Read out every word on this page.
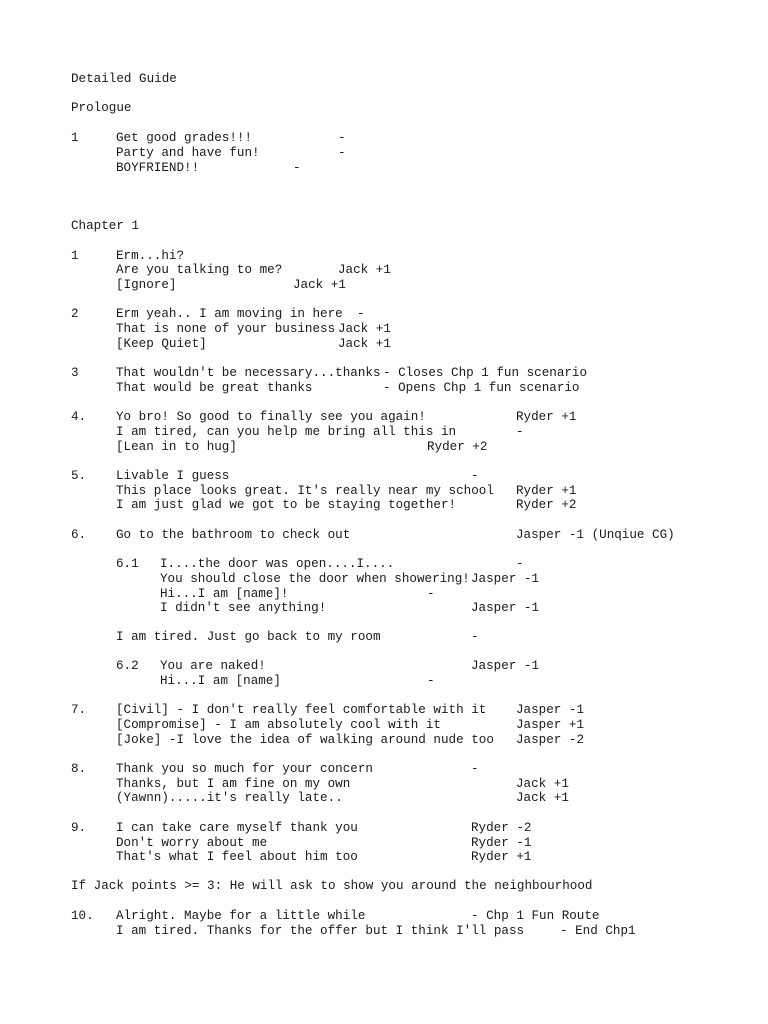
Detailed Guide
Prologue
1	Get good grades!!!	-
Party and have fun!	-
BOYFRIEND!!	-
Chapter 1
1	Erm...hi?
Are you talking to me?	Jack +1
[Ignore]	Jack +1
2	Erm yeah.. I am moving in here -
That is none of your business Jack +1
[Keep Quiet]	Jack +1
3	That wouldn't be necessary...thanks - Closes Chp 1 fun scenario
That would be great thanks	- Opens Chp 1 fun scenario
4. Yo bro! So good to finally see you again!	Ryder +1
I am tired, can you help me bring all this in	-
[Lean in to hug]	Ryder +2
5. Livable I guess	-
This place looks great. It's really near my school Ryder +1
I am just glad we got to be staying together!	Ryder +2
6. Go to the bathroom to check out	Jasper -1 (Unqiue CG)
6.1 I....the door was open....I....	-
You should close the door when showering! Jasper -1
Hi...I am [name]!	-
I didn't see anything!	Jasper -1
I am tired. Just go back to my room	-
6.2 You are naked!	Jasper -1
Hi...I am [name]	-
7. [Civil] - I don't really feel comfortable with it Jasper -1
[Compromise] - I am absolutely cool with it	Jasper +1
[Joke] -I love the idea of walking around nude too Jasper -2
8. Thank you so much for your concern	-
Thanks, but I am fine on my own	Jack +1
(Yawnn).....it's really late..	Jack +1
9. I can take care myself thank you	Ryder -2
Don't worry about me	Ryder -1
That's what I feel about him too	Ryder +1
If Jack points >= 3: He will ask to show you around the neighbourhood
10. Alright. Maybe for a little while	- Chp 1 Fun Route
I am tired. Thanks for the offer but I think I'll pass	- End Chp1
